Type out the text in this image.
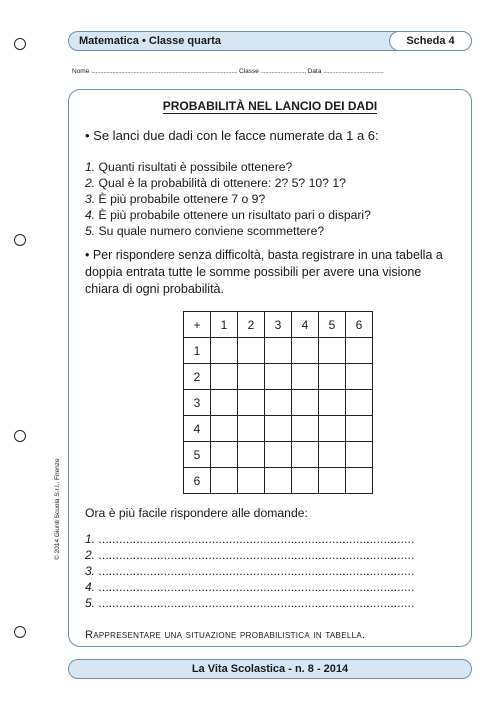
Matematica • Classe quarta	Scheda 4
Nome ................................................................................................. Classe .............................. Data ........................................
PROBABILITÀ NEL LANCIO DEI DADI
• Se lanci due dadi con le facce numerate da 1 a 6:
1. Quanti risultati è possibile ottenere?
2. Qual è la probabilità di ottenere: 2? 5? 10? 1?
3. È più probabile ottenere 7 o 9?
4. È più probabile ottenere un risultato pari o dispari?
5. Su quale numero conviene scommettere?
• Per rispondere senza difficoltà, basta registrare in una tabella a doppia entrata tutte le somme possibili per avere una visione chiara di ogni probabilità.
+	1	2	3	4	5	6
1						
2						
3						
4						
5						
6						
Ora è più facile rispondere alle domande:
1. ............................................................................................
2. ............................................................................................
3. ............................................................................................
4. ............................................................................................
5. ............................................................................................
Rappresentare una situazione probabilistica in tabella.
© 2014 Giunti Scuola S.r.l., Firenze
La Vita Scolastica - n. 8 - 2014
